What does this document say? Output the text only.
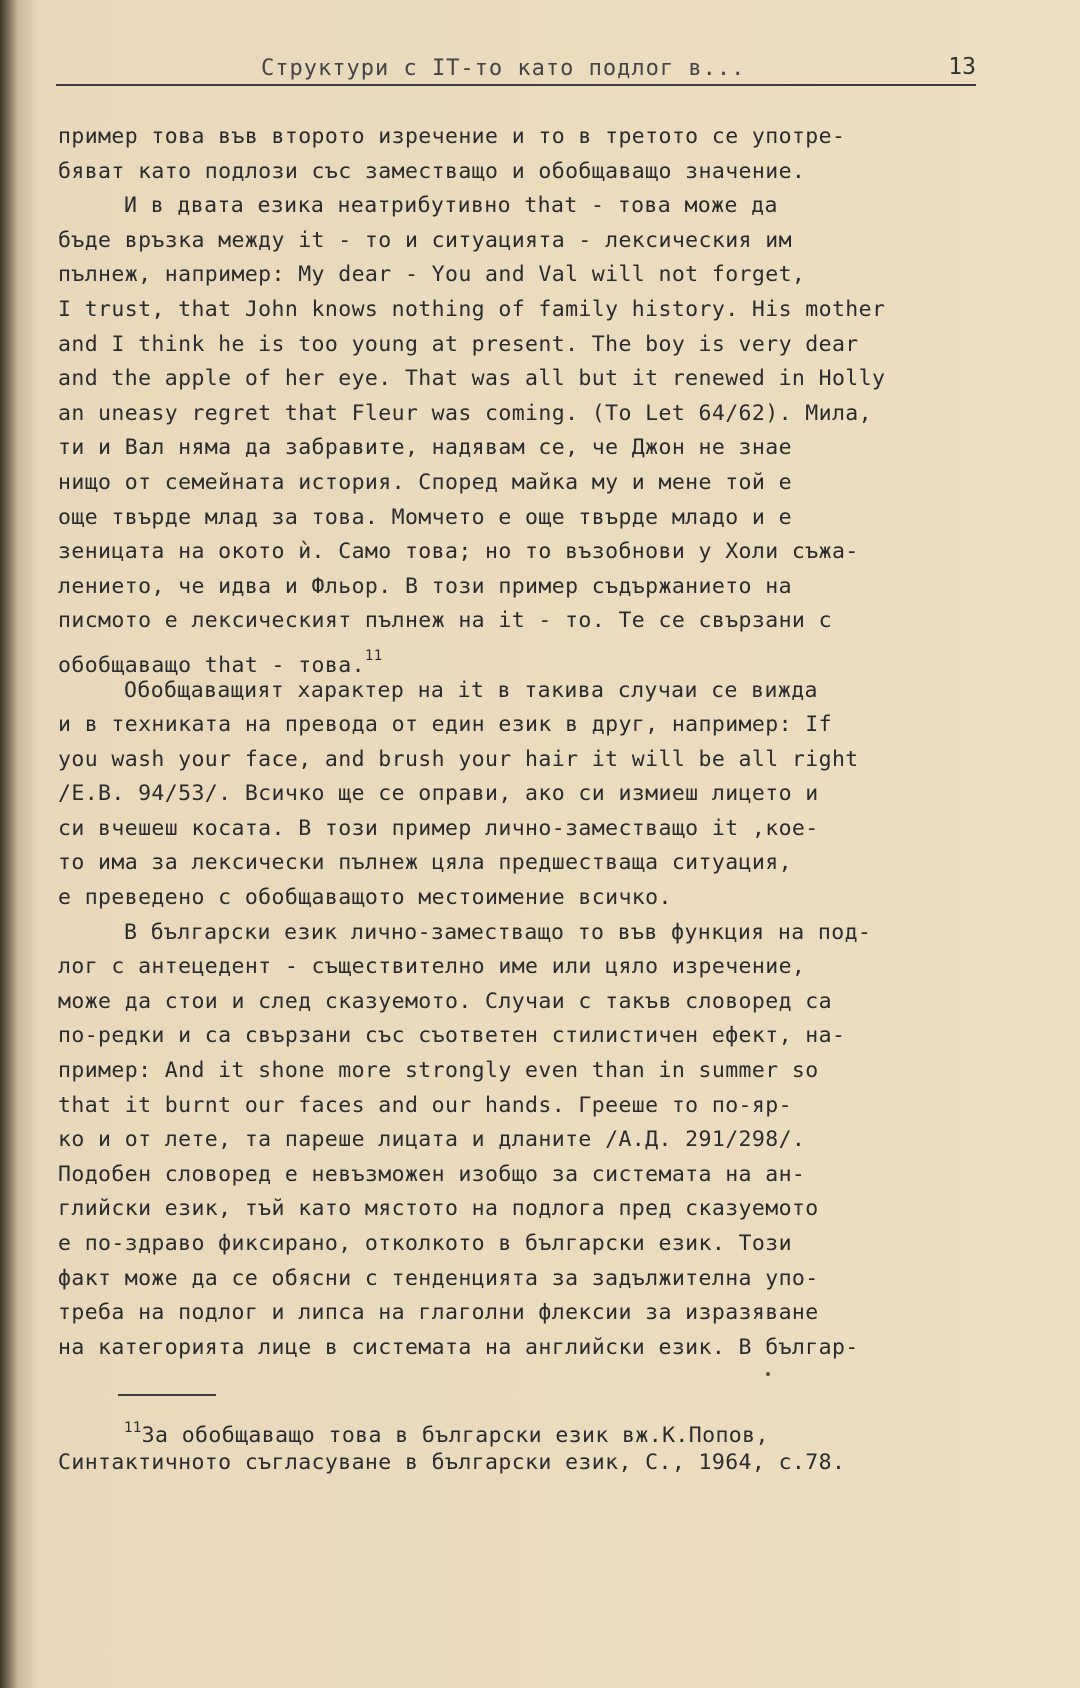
Структури с IT-то като подлог в...	13
пример това във второто изречение и то в третото се употре-
бяват като подлози със заместващо и обобщаващо значение.
И в двата езика неатрибутивно that - това може да
бъде връзка между it - то и ситуацията - лексическия им
пълнеж, например: My dear - You and Val will not forget,
I trust, that John knows nothing of family history. His mother
and I think he is too young at present. The boy is very dear
and the apple of her eye. That was all but it renewed in Holly
an uneasy regret that Fleur was coming. (To Let 64/62). Мила,
ти и Вал няма да забравите, надявам се, че Джон не знае
нищо от семейната история. Според майка му и мене той е
още твърде млад за това. Момчето е още твърде младо и е
зеницата на окото ѝ. Само това; но то възобнови у Холи съжа-
лението, че идва и Фльор. В този пример съдържанието на
писмото е лексическият пълнеж на it - то. Те се свързани с
обобщаващо that - това.$^{11}$
Обобщаващият характер на it в такива случаи се вижда
и в техниката на превода от един език в друг, например: If
you wash your face, and brush your hair it will be all right
/E.B. 94/53/. Всичко ще се оправи, ако си измиеш лицето и
си вчешеш косата. В този пример лично-заместващо it ,кое-
то има за лексически пълнеж цяла предшестваща ситуация,
е преведено с обобщаващото местоимение всичко.
В български език лично-заместващо то във функция на под-
лог с антецедент - съществително име или цяло изречение,
може да стои и след сказуемото. Случаи с такъв словоред са
по-редки и са свързани със съответен стилистичен ефект, на-
пример: And it shone more strongly even than in summer so
that it burnt our faces and our hands. Грееше то по-яр-
ко и от лете, та пареше лицата и дланите /А.Д. 291/298/.
Подобен словоред е невъзможен изобщо за системата на ан-
глийски език, тъй като мястото на подлога пред сказуемото
е по-здраво фиксирано, отколкото в български език. Този
факт може да се обясни с тенденцията за задължителна упо-
треба на подлог и липса на глаголни флексии за изразяване
на категорията лице в системата на английски език. В българ-
$^{11}$За обобщаващо това в български език вж.К.Попов,
Синтактичното съгласуване в български език, С., 1964, с.78.
